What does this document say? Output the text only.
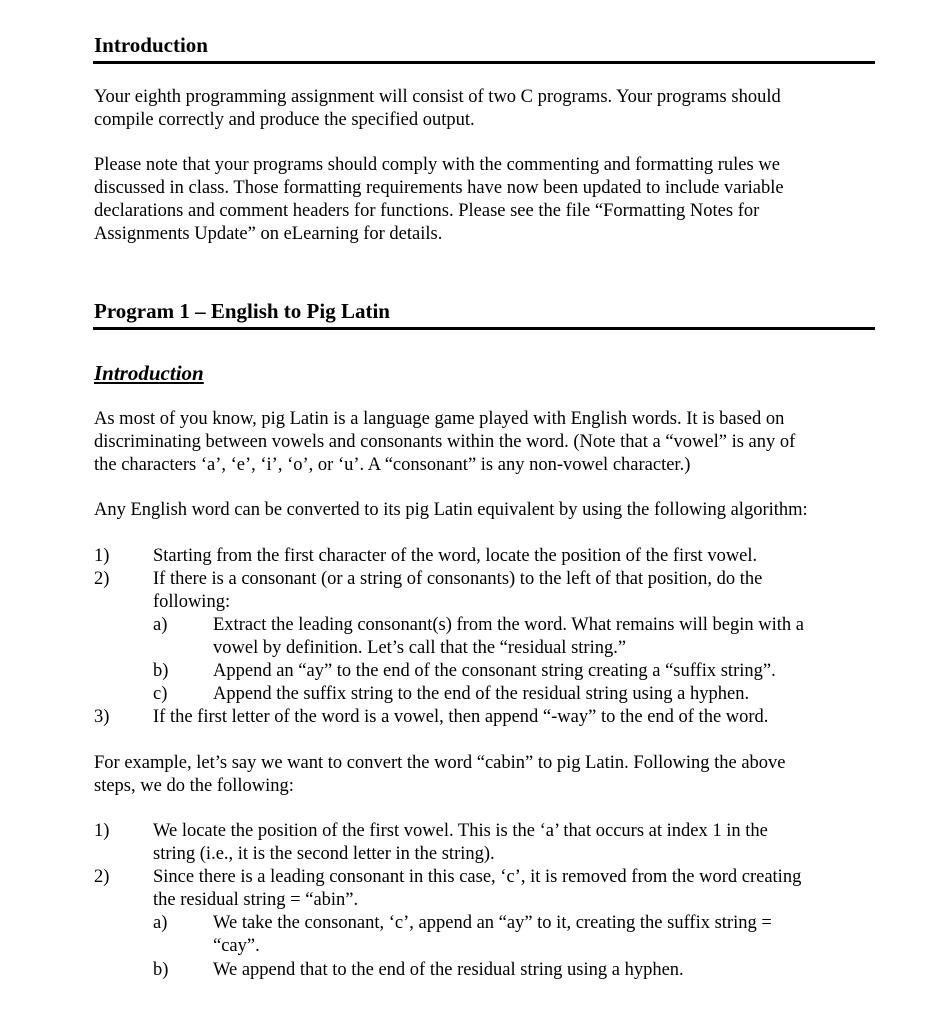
Introduction

Your eighth programming assignment will consist of two C programs. Your programs should

compile correctly and produce the specified output.

Please note that your programs should comply with the commenting and formatting rules we

discussed in class. Those formatting requirements have now been updated to include variable

declarations and comment headers for functions. Please see the file “Formatting Notes for

Assignments Update” on eLearning for details.

Program 1 – English to Pig Latin
Introduction

As most of you know, pig Latin is a language game played with English words. It is based on

discriminating between vowels and consonants within the word. (Note that a “vowel” is any of

the characters ‘a’, ‘e’, ‘i’, ‘o’, or ‘u’. A “consonant” is any non-vowel character.)

Any English word can be converted to its pig Latin equivalent by using the following algorithm:
1) Starting from the first character of the word, locate the position of the first vowel.

2) If there is a consonant (or a string of consonants) to the left of that position, do the

following:

a) Extract the leading consonant(s) from the word. What remains will begin with a

vowel by definition. Let’s call that the “residual string.”

b) Append an “ay” to the end of the consonant string creating a “suffix string”.

c) Append the suffix string to the end of the residual string using a hyphen.

3) If the first letter of the word is a vowel, then append “-way” to the end of the word.

For example, let’s say we want to convert the word “cabin” to pig Latin. Following the above

steps, we do the following:

1) We locate the position of the first vowel. This is the ‘a’ that occurs at index 1 in the

string (i.e., it is the second letter in the string).

2) Since there is a leading consonant in this case, ‘c’, it is removed from the word creating

the residual string = “abin”.

a) We take the consonant, ‘c’, append an “ay” to it, creating the suffix string =

“cay”.

b) We append that to the end of the residual string using a hyphen.
